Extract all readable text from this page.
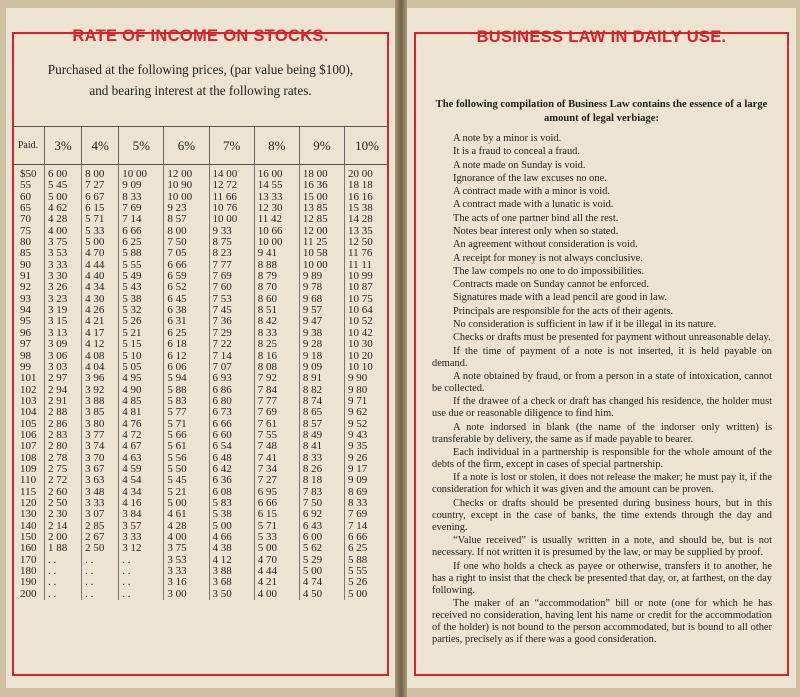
RATE OF INCOME ON STOCKS.
Purchased at the following prices, (par value being $100),
and bearing interest at the following rates.
Paid.	3%	4%	5%	6%	7%	8%	9%	10%
$50	6 00	8 00	10 00	12 00	14 00	16 00	18 00	20 00
55	5 45	7 27	9 09	10 90	12 72	14 55	16 36	18 18
60	5 00	6 67	8 33	10 00	11 66	13 33	15 00	16 16
65	4 62	6 15	7 69	9 23	10 76	12 30	13 85	15 38
70	4 28	5 71	7 14	8 57	10 00	11 42	12 85	14 28
75	4 00	5 33	6 66	8 00	9 33	10 66	12 00	13 35
80	3 75	5 00	6 25	7 50	8 75	10 00	11 25	12 50
85	3 53	4 70	5 88	7 05	8 23	9 41	10 58	11 76
90	3 33	4 44	5 55	6 66	7 77	8 88	10 00	11 11
91	3 30	4 40	5 49	6 59	7 69	8 79	9 89	10 99
92	3 26	4 34	5 43	6 52	7 60	8 70	9 78	10 87
93	3 23	4 30	5 38	6 45	7 53	8 60	9 68	10 75
94	3 19	4 26	5 32	6 38	7 45	8 51	9 57	10 64
95	3 15	4 21	5 26	6 31	7 36	8 42	9 47	10 52
96	3 13	4 17	5 21	6 25	7 29	8 33	9 38	10 42
97	3 09	4 12	5 15	6 18	7 22	8 25	9 28	10 30
98	3 06	4 08	5 10	6 12	7 14	8 16	9 18	10 20
99	3 03	4 04	5 05	6 06	7 07	8 08	9 09	10 10
101	2 97	3 96	4 95	5 94	6 93	7 92	8 91	9 90
102	2 94	3 92	4 90	5 88	6 86	7 84	8 82	9 80
103	2 91	3 88	4 85	5 83	6 80	7 77	8 74	9 71
104	2 88	3 85	4 81	5 77	6 73	7 69	8 65	9 62
105	2 86	3 80	4 76	5 71	6 66	7 61	8 57	9 52
106	2 83	3 77	4 72	5 66	6 60	7 55	8 49	9 43
107	2 80	3 74	4 67	5 61	6 54	7 48	8 41	9 35
108	2 78	3 70	4 63	5 56	6 48	7 41	8 33	9 26
109	2 75	3 67	4 59	5 50	6 42	7 34	8 26	9 17
110	2 72	3 63	4 54	5 45	6 36	7 27	8 18	9 09
115	2 60	3 48	4 34	5 21	6 08	6 95	7 83	8 69
120	2 50	3 33	4 16	5 00	5 83	6 66	7 50	8 33
130	2 30	3 07	3 84	4 61	5 38	6 15	6 92	7 69
140	2 14	2 85	3 57	4 28	5 00	5 71	6 43	7 14
150	2 00	2 67	3 33	4 00	4 66	5 33	6 00	6 66
160	1 88	2 50	3 12	3 75	4 38	5 00	5 62	6 25
170	. .	. .	. .	3 53	4 12	4 70	5 29	5 88
180	. .	. .	. .	3 33	3 88	4 44	5 00	5 55
190	. .	. .	. .	3 16	3 68	4 21	4 74	5 26
200	. .	. .	. .	3 00	3 50	4 00	4 50	5 00
BUSINESS LAW IN DAILY USE.
The following compilation of Business Law contains the essence of a large amount of legal verbiage:

A note by a minor is void.

It is a fraud to conceal a fraud.

A note made on Sunday is void.

Ignorance of the law excuses no one.

A contract made with a minor is void.

A contract made with a lunatic is void.

The acts of one partner bind all the rest.

Notes bear interest only when so stated.

An agreement without consideration is void.

A receipt for money is not always conclusive.

The law compels no one to do impossibilities.

Contracts made on Sunday cannot be enforced.

Signatures made with a lead pencil are good in law.

Principals are responsible for the acts of their agents.

No consideration is sufficient in law if it be illegal in its nature.

Checks or drafts must be presented for payment without unreasonable delay.

If the time of payment of a note is not inserted, it is held payable on demand.

A note obtained by fraud, or from a person in a state of intoxication, cannot be collected.

If the drawee of a check or draft has changed his residence, the holder must use due or reasonable diligence to find him.

A note indorsed in blank (the name of the indorser only written) is transferable by delivery, the same as if made payable to bearer.

Each individual in a partnership is responsible for the whole amount of the debts of the firm, except in cases of special partnership.

If a note is lost or stolen, it does not release the maker; he must pay it, if the consideration for which it was given and the amount can be proven.

Checks or drafts should be presented during business hours, but in this country, except in the case of banks, the time extends through the day and evening.

“Value received” is usually written in a note, and should be, but is not necessary. If not written it is presumed by the law, or may be supplied by proof.

If one who holds a check as payee or otherwise, transfers it to another, he has a right to insist that the check be presented that day, or, at farthest, on the day following.

The maker of an “accommodation” bill or note (one for which he has received no consideration, having lent his name or credit for the accommodation of the holder) is not bound to the person accommodated, but is bound to all other parties, precisely as if there was a good consideration.
